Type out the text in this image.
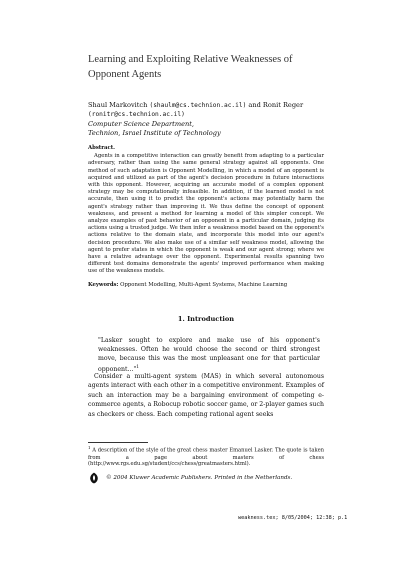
Learning and Exploiting Relative Weaknesses of Opponent Agents
Shaul Markovitch (shaulm@cs.technion.ac.il) and Ronit Reger
(ronitr@cs.technion.ac.il)
Computer Science Department,
Technion, Israel Institute of Technology
Abstract.
Agents in a competitive interaction can greatly benefit from adapting to a particular adversary, rather than using the same general strategy against all opponents. One method of such adaptation is Opponent Modelling, in which a model of an opponent is acquired and utilized as part of the agent's decision procedure in future interactions with this opponent. However, acquiring an accurate model of a complex opponent strategy may be computationally infeasible. In addition, if the learned model is not accurate, then using it to predict the opponent's actions may potentially harm the agent's strategy rather than improving it. We thus define the concept of opponent weakness, and present a method for learning a model of this simpler concept. We analyze examples of past behavior of an opponent in a particular domain, judging its actions using a trusted judge. We then infer a weakness model based on the opponent's actions relative to the domain state, and incorporate this model into our agent's decision procedure. We also make use of a similar self weakness model, allowing the agent to prefer states in which the opponent is weak and our agent strong; where we have a relative advantage over the opponent. Experimental results spanning two different test domains demonstrate the agents' improved performance when making use of the weakness models.
Keywords: Opponent Modelling, Multi-Agent Systems, Machine Learning
1. Introduction
"Lasker sought to explore and make use of his opponent's weaknesses. Often he would choose the second or third strongest move, because this was the most unpleasant one for that particular opponent..."$^1$
Consider a multi-agent system (MAS) in which several autonomous agents interact with each other in a competitive environment. Examples of such an interaction may be a bargaining environment of competing e-commerce agents, a Robocup robotic soccer game, or 2-player games such as checkers or chess. Each competing rational agent seeks
$^1$ A description of the style of the great chess master Emanuel Lasker. The quote is taken from a page about masters of chess (http://www.rgs.edu.sg/student/ccs/chess/greatmasters.html).
© 2004 Kluwer Academic Publishers. Printed in the Netherlands.
weakness.tex; 8/05/2004; 12:38; p.1
